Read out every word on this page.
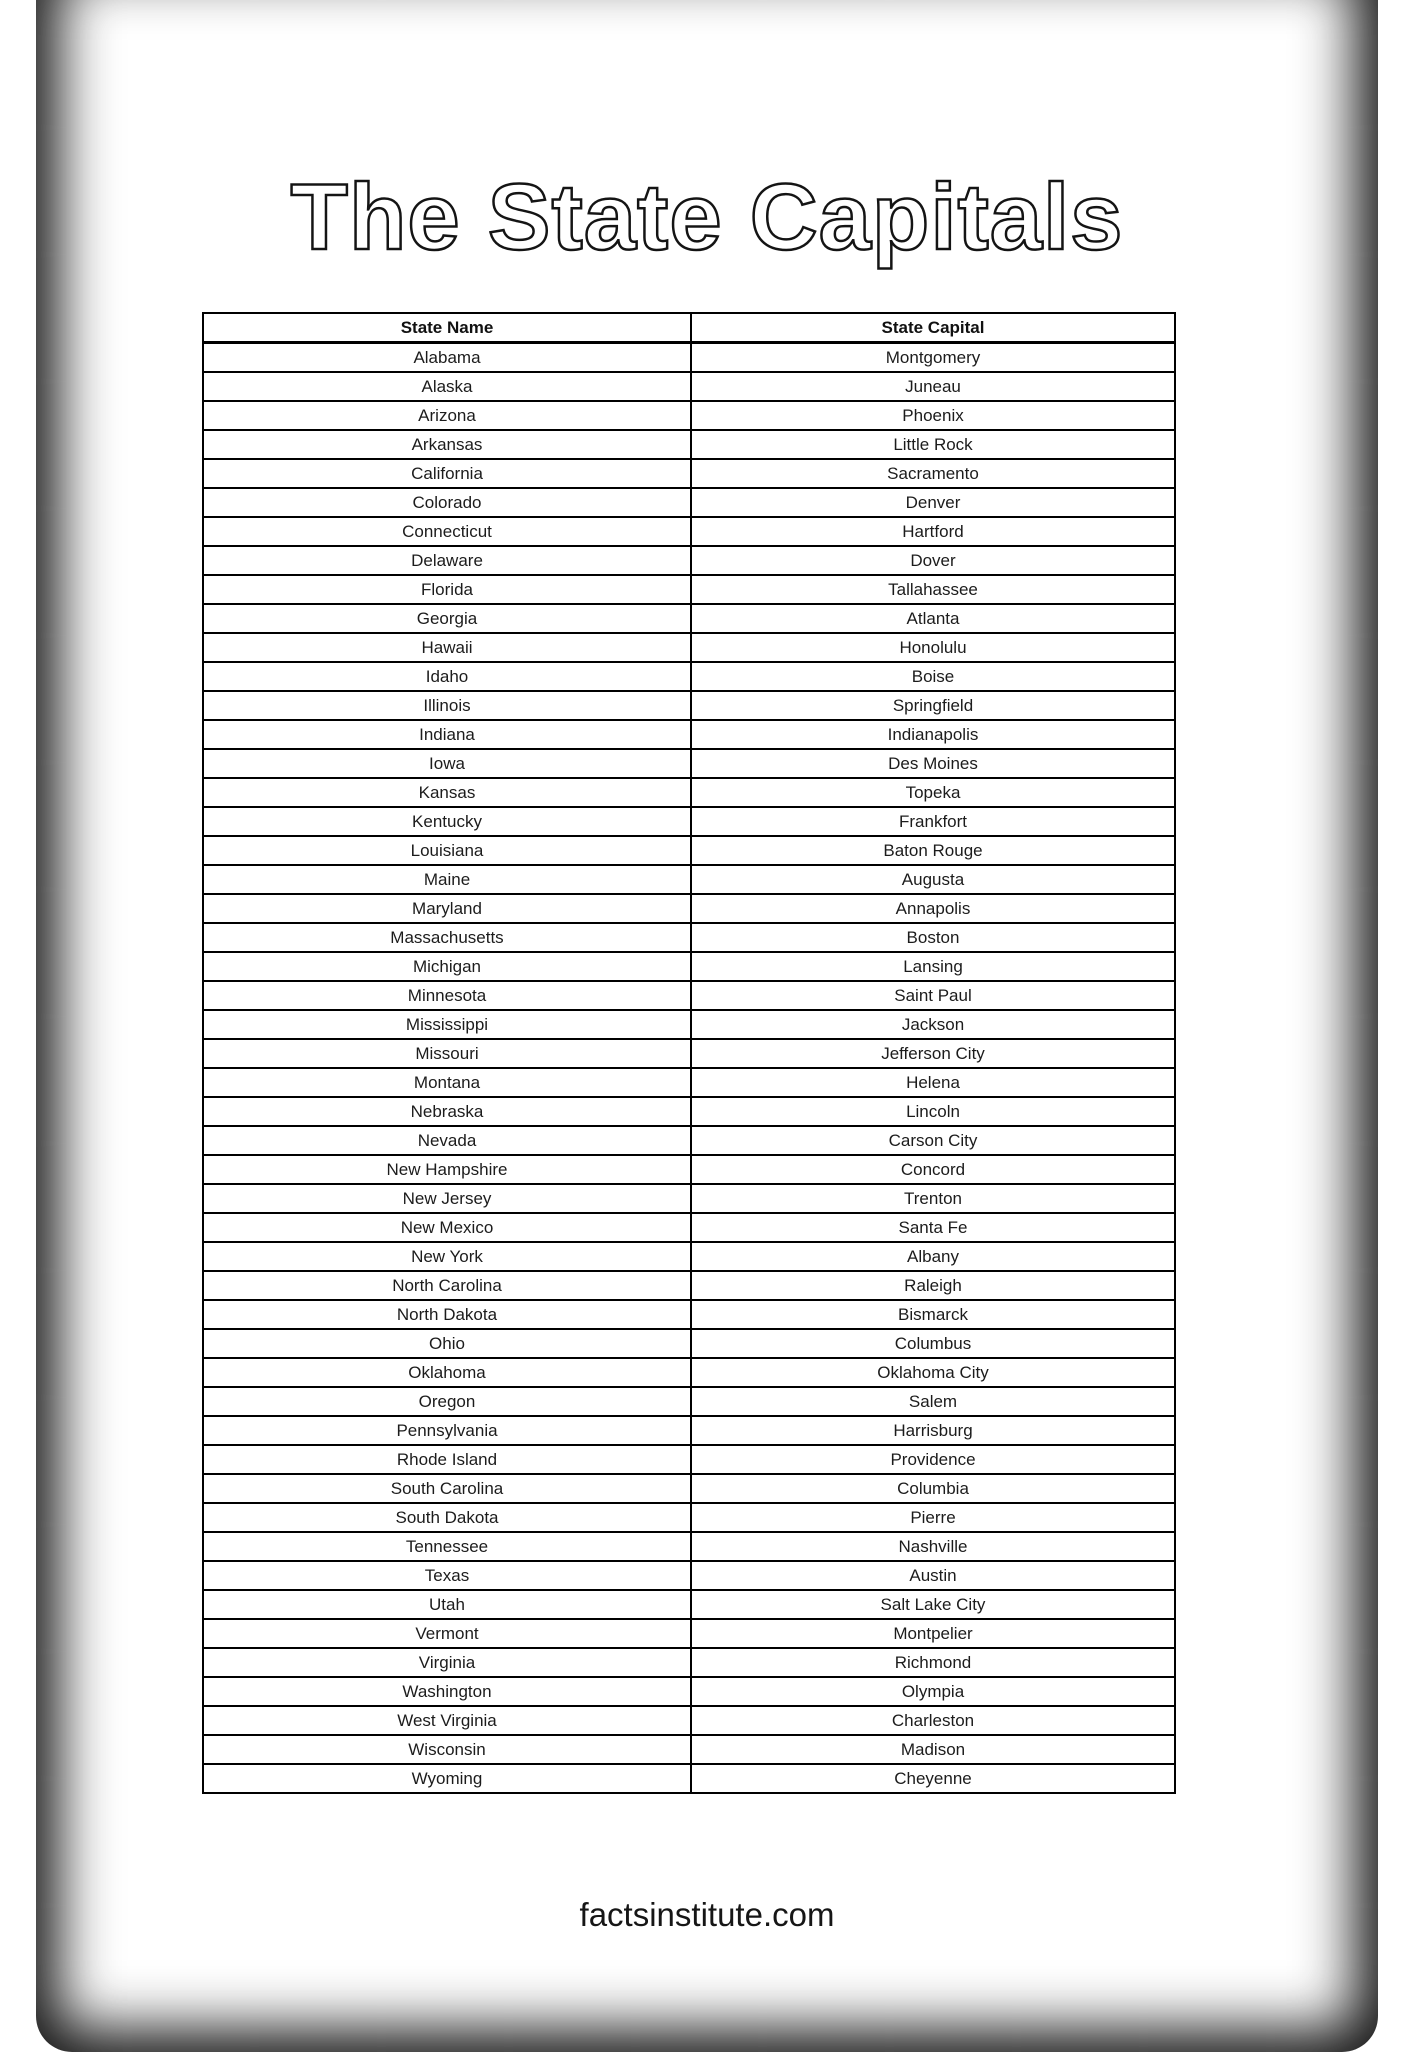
The State Capitals
State Name	State Capital
Alabama	Montgomery
Alaska	Juneau
Arizona	Phoenix
Arkansas	Little Rock
California	Sacramento
Colorado	Denver
Connecticut	Hartford
Delaware	Dover
Florida	Tallahassee
Georgia	Atlanta
Hawaii	Honolulu
Idaho	Boise
Illinois	Springfield
Indiana	Indianapolis
Iowa	Des Moines
Kansas	Topeka
Kentucky	Frankfort
Louisiana	Baton Rouge
Maine	Augusta
Maryland	Annapolis
Massachusetts	Boston
Michigan	Lansing
Minnesota	Saint Paul
Mississippi	Jackson
Missouri	Jefferson City
Montana	Helena
Nebraska	Lincoln
Nevada	Carson City
New Hampshire	Concord
New Jersey	Trenton
New Mexico	Santa Fe
New York	Albany
North Carolina	Raleigh
North Dakota	Bismarck
Ohio	Columbus
Oklahoma	Oklahoma City
Oregon	Salem
Pennsylvania	Harrisburg
Rhode Island	Providence
South Carolina	Columbia
South Dakota	Pierre
Tennessee	Nashville
Texas	Austin
Utah	Salt Lake City
Vermont	Montpelier
Virginia	Richmond
Washington	Olympia
West Virginia	Charleston
Wisconsin	Madison
Wyoming	Cheyenne
factsinstitute.com
